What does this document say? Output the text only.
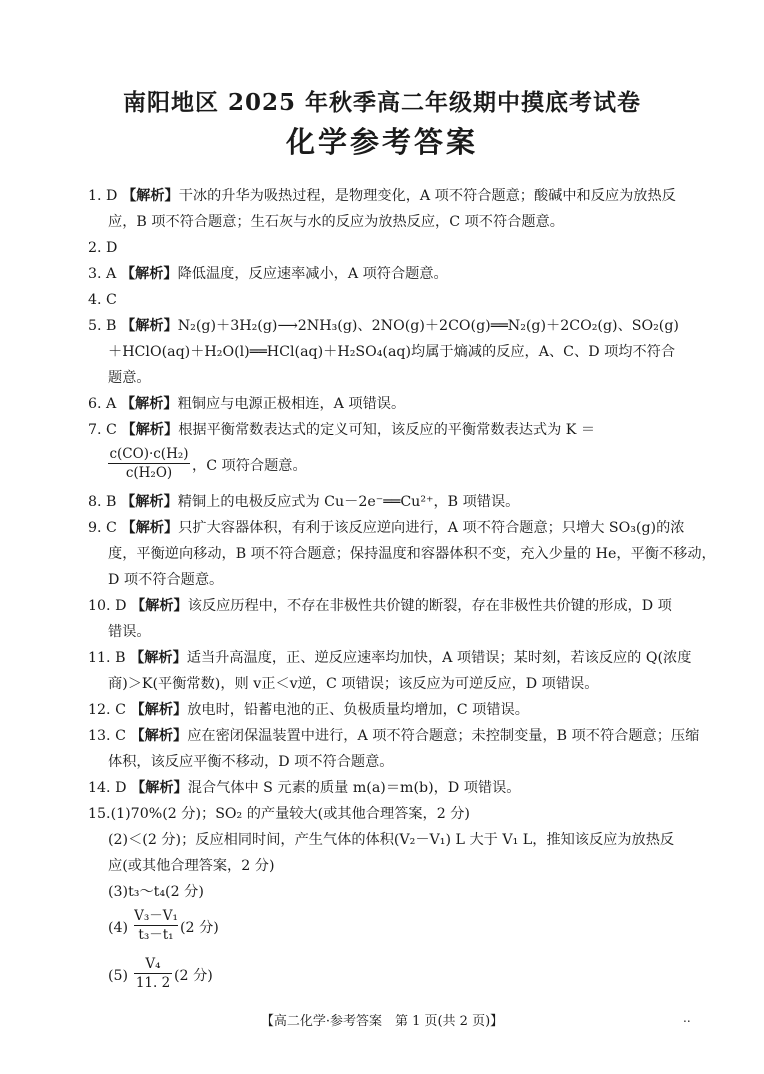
南阳地区 2025 年秋季高二年级期中摸底考试卷
化学参考答案
1. D 【解析】干冰的升华为吸热过程，是物理变化，A 项不符合题意；酸碱中和反应为放热反
应，B 项不符合题意；生石灰与水的反应为放热反应，C 项不符合题意。
2. D
3. A 【解析】降低温度，反应速率减小，A 项符合题意。
4. C
5. B 【解析】N₂(g)＋3H₂(g)⟶2NH₃(g)、2NO(g)＋2CO(g)══N₂(g)＋2CO₂(g)、SO₂(g)
＋HClO(aq)＋H₂O(l)══HCl(aq)＋H₂SO₄(aq)均属于熵减的反应，A、C、D 项均不符合
题意。
6. A 【解析】粗铜应与电源正极相连，A 项错误。
7. C 【解析】根据平衡常数表达式的定义可知，该反应的平衡常数表达式为 K ＝
c(CO)·c(H₂)
c(H₂O)	，C 项符合题意。
8. B 【解析】精铜上的电极反应式为 Cu－2e⁻══Cu²⁺，B 项错误。
9. C 【解析】只扩大容器体积，有利于该反应逆向进行，A 项不符合题意；只增大 SO₃(g)的浓
度，平衡逆向移动，B 项不符合题意；保持温度和容器体积不变，充入少量的 He，平衡不移动，
D 项不符合题意。
10. D 【解析】该反应历程中，不存在非极性共价键的断裂，存在非极性共价键的形成，D 项
错误。
11. B 【解析】适当升高温度，正、逆反应速率均加快，A 项错误；某时刻，若该反应的 Q(浓度
商)＞K(平衡常数)，则 v正＜v逆，C 项错误；该反应为可逆反应，D 项错误。
12. C 【解析】放电时，铅蓄电池的正、负极质量均增加，C 项错误。
13. C 【解析】应在密闭保温装置中进行，A 项不符合题意；未控制变量，B 项不符合题意；压缩
体积，该反应平衡不移动，D 项不符合题意。
14. D 【解析】混合气体中 S 元素的质量 m(a)＝m(b)，D 项错误。
15.(1)70%(2 分)；SO₂ 的产量较大(或其他合理答案，2 分)
(2)＜(2 分)；反应相同时间，产生气体的体积(V₂－V₁) L 大于 V₁ L，推知该反应为放热反
应(或其他合理答案，2 分)
(3)t₃～t₄(2 分)
(4)
V₃－V₁
t₃－t₁ (2 分)
(5)
V₄
11. 2 (2 分)
【高二化学·参考答案　第 1 页(共 2 页)】	..
